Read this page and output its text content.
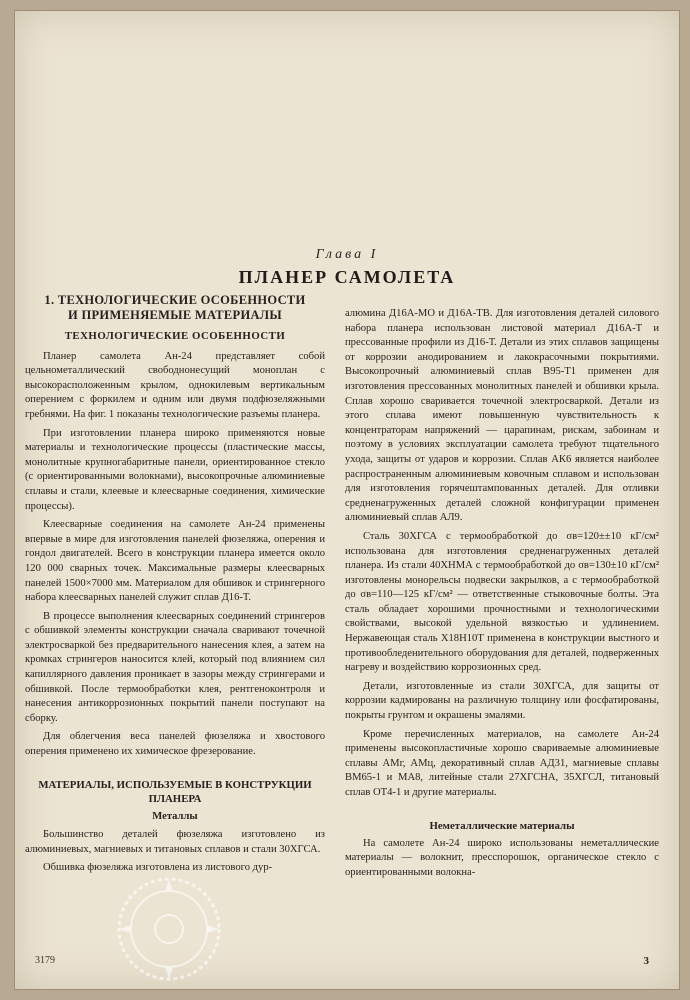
Глава I
ПЛАНЕР САМОЛЕТА
1. ТЕХНОЛОГИЧЕСКИЕ ОСОБЕННОСТИ
И ПРИМЕНЯЕМЫЕ МАТЕРИАЛЫ
ТЕХНОЛОГИЧЕСКИЕ ОСОБЕННОСТИ

Планер самолета Ан-24 представляет собой цельнометаллический свободнонесущий моноплан с высокорасположенным крылом, однокилевым вертикальным оперением с форкилем и одним или двумя подфюзеляжными гребнями. На фиг. 1 показаны технологические разъемы планера.

При изготовлении планера широко применяются новые материалы и технологические процессы (пластические массы, монолитные крупногабаритные панели, ориентированное стекло (с ориентированными волокнами), высокопрочные алюминиевые сплавы и стали, клеевые и клеесварные соединения, химические процессы).

Клеесварные соединения на самолете Ан-24 применены впервые в мире для изготовления панелей фюзеляжа, оперения и гондол двигателей. Всего в конструкции планера имеется около 120 000 сварных точек. Максимальные размеры клеесварных панелей 1500×7000 мм. Материалом для обшивок и стрингерного набора клеесварных панелей служит сплав Д16-Т.

В процессе выполнения клеесварных соединений стрингеров с обшивкой элементы конструкции сначала сваривают точечной электросваркой без предварительного нанесения клея, а затем на кромках стрингеров наносится клей, который под влиянием сил капиллярного давления проникает в зазоры между стрингерами и обшивкой. После термообработки клея, рентгеноконтроля и нанесения антикоррозионных покрытий панели поступают на сборку.

Для облегчения веса панелей фюзеляжа и хвостового оперения применено их химическое фрезерование.

МАТЕРИАЛЫ, ИСПОЛЬЗУЕМЫЕ В КОНСТРУКЦИИ
ПЛАНЕРА
Металлы

Большинство деталей фюзеляжа изготовлено из алюминиевых, магниевых и титановых сплавов и стали 30ХГСА.

Обшивка фюзеляжа изготовлена из листового дур-

алюмина Д16А-МО и Д16А-ТВ. Для изготовления деталей силового набора планера использован листовой материал Д16А-Т и прессованные профили из Д16-Т. Детали из этих сплавов защищены от коррозии анодированием и лакокрасочными покрытиями. Высокопрочный алюминиевый сплав В95-Т1 применен для изготовления прессованных монолитных панелей и обшивки крыла. Сплав хорошо сваривается точечной электросваркой. Детали из этого сплава имеют повышенную чувствительность к концентраторам напряжений — царапинам, рискам, забоинам и поэтому в условиях эксплуатации самолета требуют тщательного ухода, защиты от ударов и коррозии. Сплав АК6 является наиболее распространенным алюминиевым ковочным сплавом и использован для изготовления горячештампованных деталей. Для отливки средненагруженных деталей сложной конфигурации применен алюминиевый сплав АЛ9.

Сталь 30ХГСА с термообработкой до σв=120±±10 кГ/см² использована для изготовления средненагруженных деталей планера. Из стали 40ХНМА с термообработкой до σв=130±10 кГ/см² изготовлены монорельсы подвески закрылков, а с термообработкой до σв=110—125 кГ/см² — ответственные стыковочные болты. Эта сталь обладает хорошими прочностными и технологическими свойствами, высокой удельной вязкостью и удлинением. Нержавеющая сталь Х18Н10Т применена в конструкции выстного и противообледенительного оборудования для деталей, подверженных нагреву и воздействию коррозионных сред.

Детали, изготовленные из стали 30ХГСА, для защиты от коррозии кадмированы на различную толщину или фосфатированы, покрыты грунтом и окрашены эмалями.

Кроме перечисленных материалов, на самолете Ан-24 применены высокопластичные хорошо свариваемые алюминиевые сплавы АМг, АМц, декоративный сплав АД31, магниевые сплавы ВМ65-1 и МА8, литейные стали 27ХГСНА, 35ХГСЛ, титановый сплав ОТ4-1 и другие материалы.

Неметаллические материалы

На самолете Ан-24 широко использованы неметаллические материалы — волокнит, пресспорошок, органическое стекло с ориентированными волокна-

3179	3
